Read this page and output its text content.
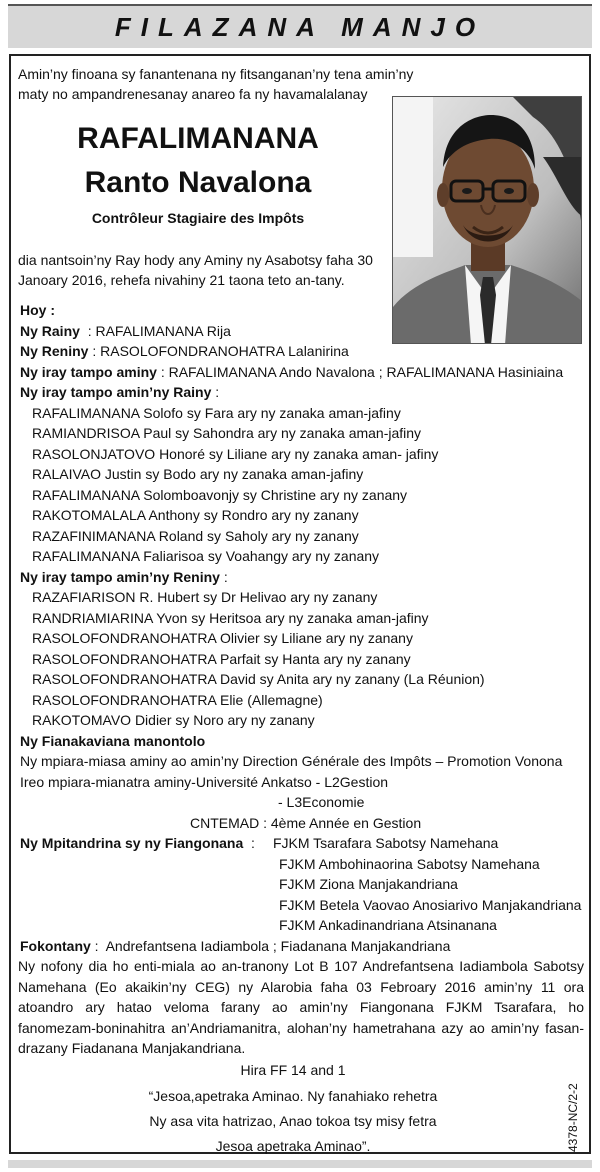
FILAZANA MANJO
Amin’ny finoana sy fanantenana ny fitsanganan’ny tena amin’ny maty no ampandrenesanay anareo fa ny havamalalanay
RAFALIMANANA
Ranto Navalona
Contrôleur Stagiaire des Impôts
dia nantsoin’ny Ray hody any Aminy ny Asabotsy faha 30 Janoary 2016, rehefa nivahiny 21 taona teto an-tany.
Hoy :
Ny Rainy  : RAFALIMANANA Rija
Ny Reniny : RASOLOFONDRANOHATRA Lalanirina
Ny iray tampo aminy : RAFALIMANANA Ando Navalona ; RAFALIMANANA Hasiniaina
Ny iray tampo amin’ny Rainy :
RAFALIMANANA Solofo sy Fara ary ny zanaka aman-jafiny
RAMIANDRISOA Paul sy Sahondra ary ny zanaka aman-jafiny
RASOLONJATOVO Honoré sy Liliane ary ny zanaka aman- jafiny
RALAIVAO Justin sy Bodo ary ny zanaka aman-jafiny
RAFALIMANANA Solomboavonjy sy Christine ary ny zanany
RAKOTOMALALA Anthony sy Rondro ary ny zanany
RAZAFINIMANANA Roland sy Saholy ary ny zanany
RAFALIMANANA Faliarisoa sy Voahangy ary ny zanany
Ny iray tampo amin’ny Reniny :
RAZAFIARISON R. Hubert sy Dr Helivao ary ny zanany
RANDRIAMIARINA Yvon sy Heritsoa ary ny zanaka aman-jafiny
RASOLOFONDRANOHATRA Olivier sy Liliane ary ny zanany
RASOLOFONDRANOHATRA Parfait sy Hanta ary ny zanany
RASOLOFONDRANOHATRA David sy Anita ary ny zanany (La Réunion)
RASOLOFONDRANOHATRA Elie (Allemagne)
RAKOTOMAVO Didier sy Noro ary ny zanany
Ny Fianakaviana manontolo
Ny mpiara-miasa aminy ao amin’ny Direction Générale des Impôts – Promotion Vonona
Ireo mpiara-mianatra aminy-Université Ankatso - L2Gestion
- L3Economie
CNTEMAD : 4ème Année en Gestion
Ny Mpitandrina sy ny Fiangonana  : FJKM Tsarafara Sabotsy Namehana
FJKM Ambohinaorina Sabotsy Namehana
FJKM Ziona Manjakandriana
FJKM Betela Vaovao Anosiarivo Manjakandriana
FJKM Ankadinandriana Atsinanana
Fokontany :  Andrefantsena Iadiambola ; Fiadanana Manjakandriana
Ny nofony dia ho enti-miala ao an-tranony Lot B 107 Andrefantsena Iadiambola Sabotsy Namehana (Eo akaikin’ny CEG) ny Alarobia faha 03 Febroary 2016 amin’ny 11 ora atoandro ary hatao veloma farany ao amin’ny Fiangonana FJKM Tsarafara, ho fanomezam-boninahitra an’Andriamanitra, alohan’ny hametrahana azy ao amin’ny fasan-drazany Fiadanana Manjakandriana.
Hira FF 14 and 1
“Jesoa,apetraka Aminao. Ny fanahiako rehetra
Ny asa vita hatrizao, Anao tokoa tsy misy fetra
Jesoa apetraka Aminao”.	4378-NC/2-2
